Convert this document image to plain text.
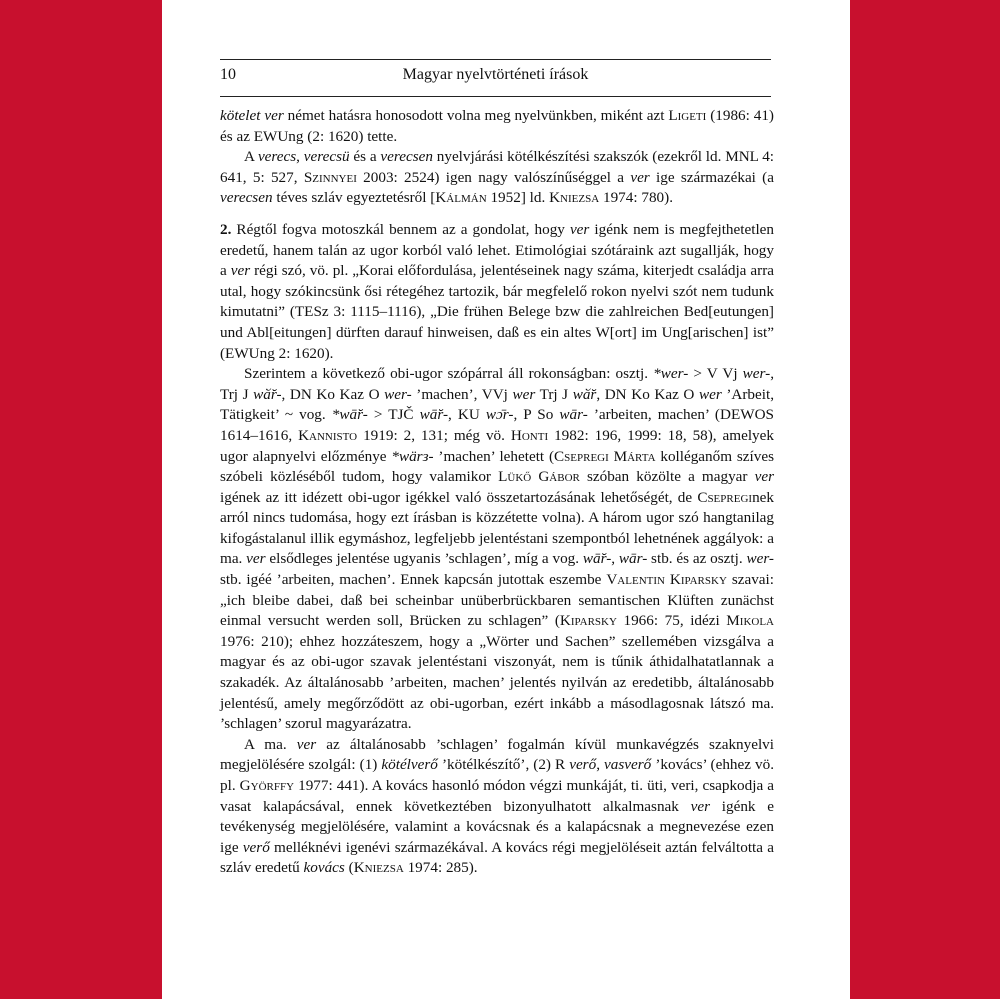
10	Magyar nyelvtörténeti írások

kötelet ver német hatásra honosodott volna meg nyelvünkben, miként azt Ligeti (1986: 41) és az EWUng (2: 1620) tette.

A verecs, verecsü és a verecsen nyelvjárási kötélkészítési szakszók (ezekről ld. MNL 4: 641, 5: 527, Szinnyei 2003: 2524) igen nagy valószínűséggel a ver ige származékai (a verecsen téves szláv egyeztetésről [Kálmán 1952] ld. Kniezsa 1974: 780).

2. Régtől fogva motoszkál bennem az a gondolat, hogy ver igénk nem is megfejthetetlen eredetű, hanem talán az ugor korból való lehet. Etimológiai szótáraink azt sugallják, hogy a ver régi szó, vö. pl. „Korai előfordulása, jelentéseinek nagy száma, kiterjedt családja arra utal, hogy szókincsünk ősi rétegéhez tartozik, bár megfelelő rokon nyelvi szót nem tudunk kimutatni” (TESz 3: 1115–1116), „Die frühen Belege bzw die zahlreichen Bed[eutungen] und Abl[eitungen] dürften darauf hinweisen, daß es ein altes W[ort] im Ung[arischen] ist” (EWUng 2: 1620).

Szerintem a következő obi-ugor szópárral áll rokonságban: osztj. *wer- > V Vj wer-, Trj J wӑ̆r-, DN Ko Kaz O wer- ’machen’, VVj wer Trj J wӑ̆r, DN Ko Kaz O wer ’Arbeit, Tätigkeit’ ~ vog. *wā̆r- > TJČ wā̆r-, KU wɔ̄r-, P So wār- ’arbeiten, machen’ (DEWOS 1614–1616, Kannisto 1919: 2, 131; még vö. Honti 1982: 196, 1999: 18, 58), amelyek ugor alapnyelvi előzménye *wärз- ’machen’ lehetett (Csepregi Márta kolléganőm szíves szóbeli közléséből tudom, hogy valamikor Lükő Gábor szóban közölte a magyar ver igének az itt idézett obi-ugor igékkel való összetartozásának lehetőségét, de Csepreginek arról nincs tudomása, hogy ezt írásban is közzétette volna). A három ugor szó hangtanilag kifogástalanul illik egymáshoz, legfeljebb jelentéstani szempontból lehetnének aggályok: a ma. ver elsődleges jelentése ugyanis ’schlagen’, míg a vog. wā̆r-, wār- stb. és az osztj. wer- stb. igéé ’arbeiten, machen’. Ennek kapcsán jutottak eszembe Valentin Kiparsky szavai: „ich bleibe dabei, daß bei scheinbar unüberbrückbaren semantischen Klüften zunächst einmal versucht werden soll, Brücken zu schlagen” (Kiparsky 1966: 75, idézi Mikola 1976: 210); ehhez hozzáteszem, hogy a „Wörter und Sachen” szellemében vizsgálva a magyar és az obi-ugor szavak jelentéstani viszonyát, nem is tűnik áthidalhatatlannak a szakadék. Az általánosabb ’arbeiten, machen’ jelentés nyilván az eredetibb, általánosabb jelentésű, amely megőrződött az obi-ugorban, ezért inkább a másodlagosnak látszó ma. ’schlagen’ szorul magyarázatra.

A ma. ver az általánosabb ’schlagen’ fogalmán kívül munkavégzés szaknyelvi megjelölésére szolgál: (1) kötélverő ’kötélkészítő’, (2) R verő, vasverő ’kovács’ (ehhez vö. pl. Györffy 1977: 441). A kovács hasonló módon végzi munkáját, ti. üti, veri, csapkodja a vasat kalapácsával, ennek következtében bizonyulhatott alkalmasnak ver igénk e tevékenység megjelölésére, valamint a kovácsnak és a kalapácsnak a megnevezése ezen ige verő melléknévi igenévi származékával. A kovács régi megjelöléseit aztán felváltotta a szláv eredetű kovács (Kniezsa 1974: 285).
